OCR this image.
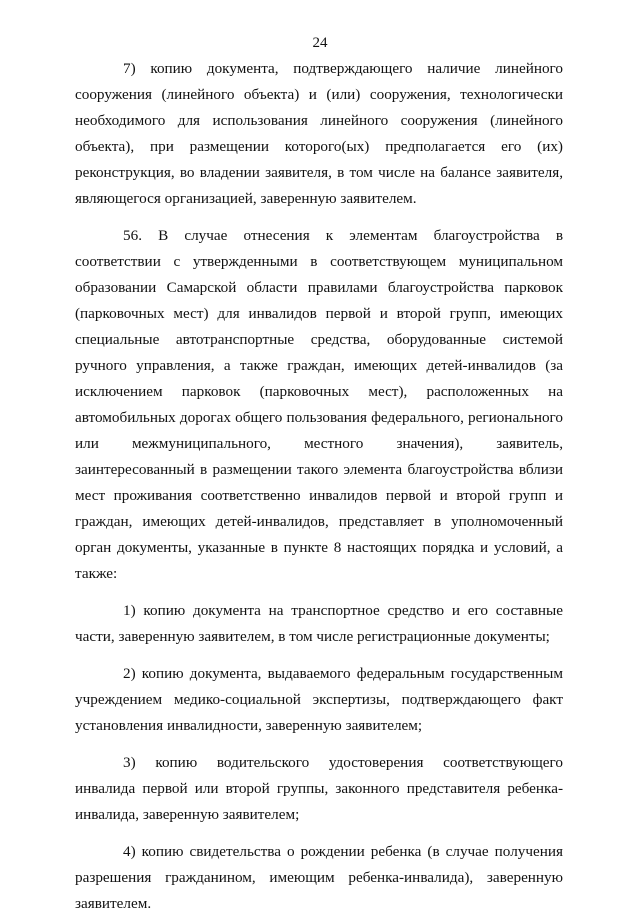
24

7) копию документа, подтверждающего наличие линейного сооружения (линейного объекта) и (или) сооружения, технологически необходимого для использования линейного сооружения (линейного объекта), при размещении которого(ых) предполагается его (их) реконструкция, во владении заявителя, в том числе на балансе заявителя, являющегося организацией, заверенную заявителем.

56. В случае отнесения к элементам благоустройства в соответствии с утвержденными в соответствующем муниципальном образовании Самарской области правилами благоустройства парковок (парковочных мест) для инвалидов первой и второй групп, имеющих специальные автотранспортные средства, оборудованные системой ручного управления, а также граждан, имеющих детей-инвалидов (за исключением парковок (парковочных мест), расположенных на автомобильных дорогах общего пользования федерального, регионального или межмуниципального, местного значения), заявитель, заинтересованный в размещении такого элемента благоустройства вблизи мест проживания соответственно инвалидов первой и второй групп и граждан, имеющих детей-инвалидов, представляет в уполномоченный орган документы, указанные в пункте 8 настоящих порядка и условий, а также:

1) копию документа на транспортное средство и его составные части, заверенную заявителем, в том числе регистрационные документы;

2) копию документа, выдаваемого федеральным государственным учреждением медико-социальной экспертизы, подтверждающего факт установления инвалидности, заверенную заявителем;

3) копию водительского удостоверения соответствующего инвалида первой или второй группы, законного представителя ребенка-инвалида, заверенную заявителем;

4) копию свидетельства о рождении ребенка (в случае получения разрешения гражданином, имеющим ребенка-инвалида), заверенную заявителем.
